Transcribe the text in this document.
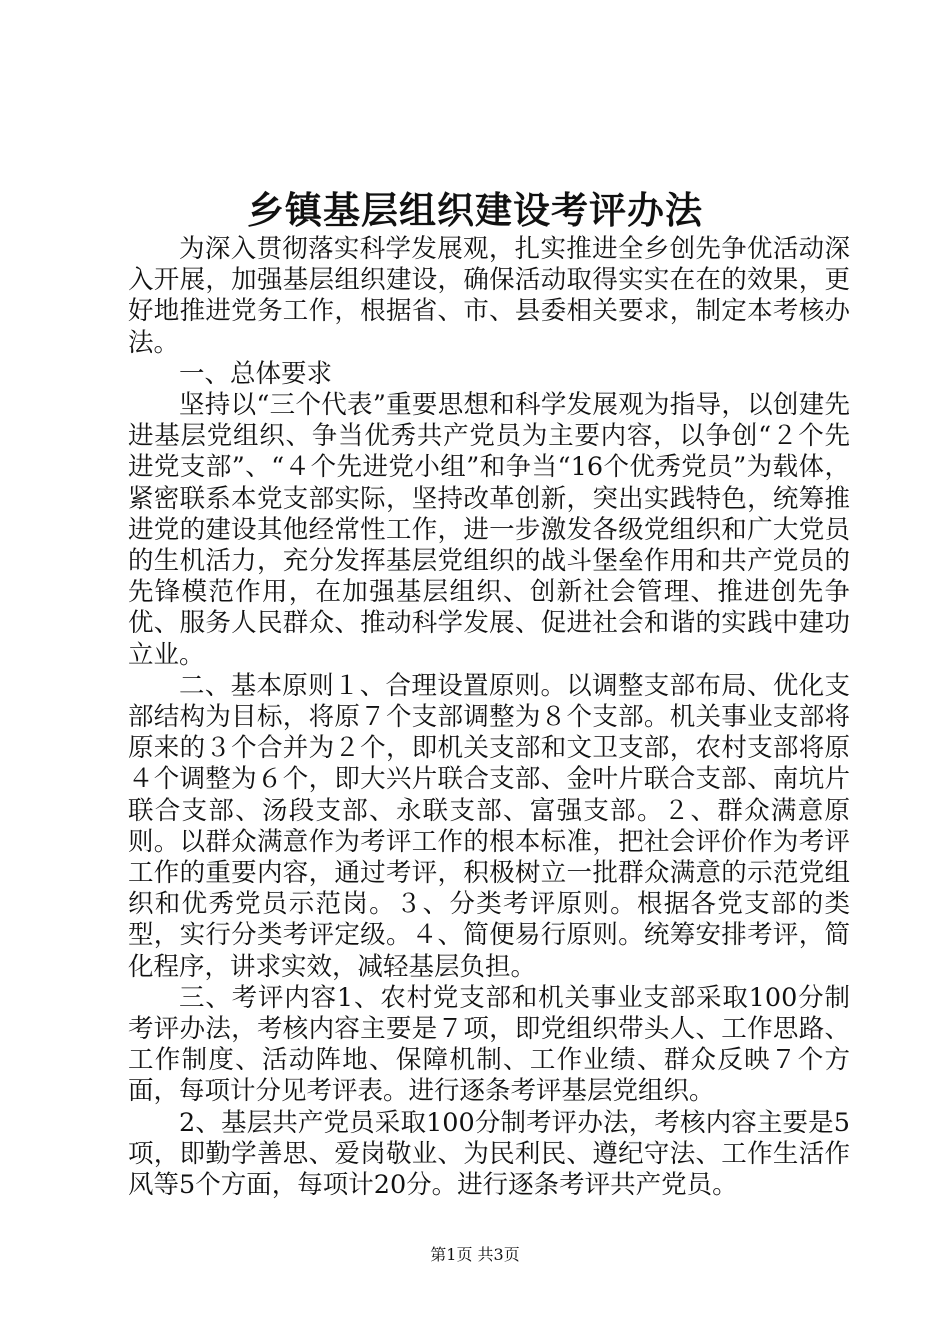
乡镇基层组织建设考评办法

为深入贯彻落实科学发展观，扎实推进全乡创先争优活动深入开展，加强基层组织建设，确保活动取得实实在在的效果，更好地推进党务工作，根据省、市、县委相关要求，制定本考核办法。

一、总体要求

坚持以“三个代表”重要思想和科学发展观为指导，以创建先进基层党组织、争当优秀共产党员为主要内容，以争创“２个先进党支部”、“４个先进党小组”和争当“16个优秀党员”为载体，紧密联系本党支部实际，坚持改革创新，突出实践特色，统筹推进党的建设其他经常性工作，进一步激发各级党组织和广大党员的生机活力，充分发挥基层党组织的战斗堡垒作用和共产党员的先锋模范作用，在加强基层组织、创新社会管理、推进创先争优、服务人民群众、推动科学发展、促进社会和谐的实践中建功立业。

二、基本原则１、合理设置原则。以调整支部布局、优化支部结构为目标，将原７个支部调整为８个支部。机关事业支部将原来的３个合并为２个，即机关支部和文卫支部，农村支部将原４个调整为６个，即大兴片联合支部、金叶片联合支部、南坑片联合支部、汤段支部、永联支部、富强支部。２、群众满意原则。以群众满意作为考评工作的根本标准，把社会评价作为考评工作的重要内容，通过考评，积极树立一批群众满意的示范党组织和优秀党员示范岗。３、分类考评原则。根据各党支部的类型，实行分类考评定级。４、简便易行原则。统筹安排考评，简化程序，讲求实效，减轻基层负担。

三、考评内容1、农村党支部和机关事业支部采取100分制考评办法，考核内容主要是７项，即党组织带头人、工作思路、工作制度、活动阵地、保障机制、工作业绩、群众反映７个方面，每项计分见考评表。进行逐条考评基层党组织。

2、基层共产党员采取100分制考评办法，考核内容主要是5项，即勤学善思、爱岗敬业、为民利民、遵纪守法、工作生活作风等5个方面，每项计20分。进行逐条考评共产党员。

第1页 共3页
